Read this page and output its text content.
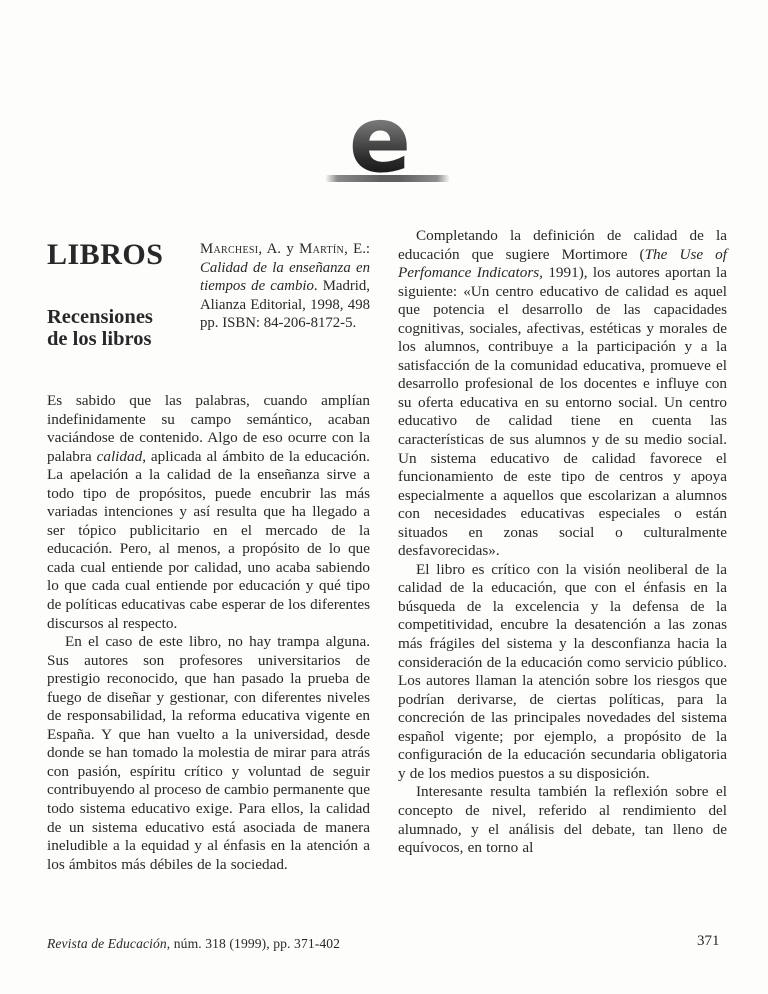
e
LIBROS
Recensiones
de los libros
Marchesi, A. y Martín, E.: Calidad de la enseñanza en tiempos de cambio. Madrid, Alianza Editorial, 1998, 498 pp. ISBN: 84-206-8172-5.

Es sabido que las palabras, cuando amplían indefinidamente su campo semántico, acaban vaciándose de contenido. Algo de eso ocurre con la palabra calidad, aplicada al ámbito de la educación. La apelación a la calidad de la enseñanza sirve a todo tipo de propósitos, puede encubrir las más variadas intenciones y así resulta que ha llegado a ser tópico publicitario en el mercado de la educación. Pero, al menos, a propósito de lo que cada cual entiende por calidad, uno acaba sabiendo lo que cada cual entiende por educación y qué tipo de políticas educativas cabe esperar de los diferentes discursos al respecto.

En el caso de este libro, no hay trampa alguna. Sus autores son profesores universitarios de prestigio reconocido, que han pasado la prueba de fuego de diseñar y gestionar, con diferentes niveles de responsabilidad, la reforma educativa vigente en España. Y que han vuelto a la universidad, desde donde se han tomado la molestia de mirar para atrás con pasión, espíritu crítico y voluntad de seguir contribuyendo al proceso de cambio permanente que todo sistema educativo exige. Para ellos, la calidad de un sistema educativo está asociada de manera ineludible a la equidad y al énfasis en la atención a los ámbitos más débiles de la sociedad.

Completando la definición de calidad de la educación que sugiere Mortimore (The Use of Perfomance Indicators, 1991), los autores aportan la siguiente: «Un centro educativo de calidad es aquel que potencia el desarrollo de las capacidades cognitivas, sociales, afectivas, estéticas y morales de los alumnos, contribuye a la participación y a la satisfacción de la comunidad educativa, promueve el desarrollo profesional de los docentes e influye con su oferta educativa en su entorno social. Un centro educativo de calidad tiene en cuenta las características de sus alumnos y de su medio social. Un sistema educativo de calidad favorece el funcionamiento de este tipo de centros y apoya especialmente a aquellos que escolarizan a alumnos con necesidades educativas especiales o están situados en zonas social o culturalmente desfavorecidas».

El libro es crítico con la visión neoliberal de la calidad de la educación, que con el énfasis en la búsqueda de la excelencia y la defensa de la competitividad, encubre la desatención a las zonas más frágiles del sistema y la desconfianza hacia la consideración de la educación como servicio público. Los autores llaman la atención sobre los riesgos que podrían derivarse, de ciertas políticas, para la concreción de las principales novedades del sistema español vigente; por ejemplo, a propósito de la configuración de la educación secundaria obligatoria y de los medios puestos a su disposición.

Interesante resulta también la reflexión sobre el concepto de nivel, referido al rendimiento del alumnado, y el análisis del debate, tan lleno de equívocos, en torno al

Revista de Educación, núm. 318 (1999), pp. 371-402	371
